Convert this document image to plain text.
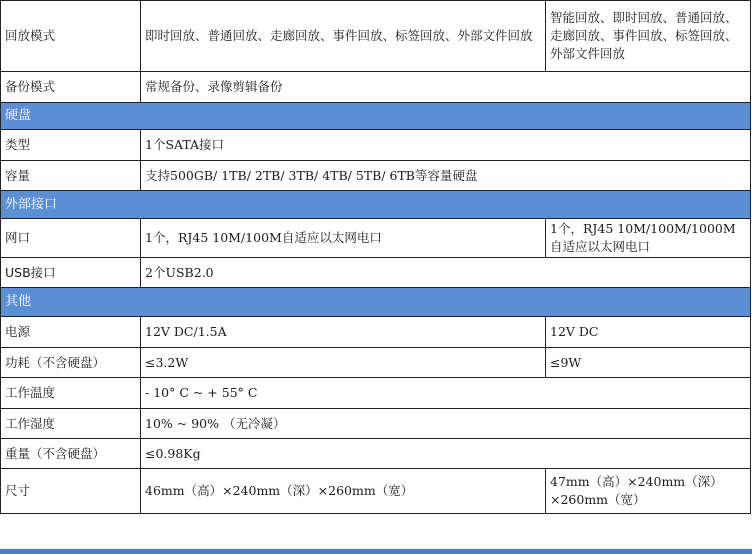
回放模式	即时回放、普通回放、走廊回放、事件回放、标签回放、外部文件回放	智能回放、即时回放、普通回放、走廊回放、事件回放、标签回放、外部文件回放
备份模式	常规备份、录像剪辑备份	
硬盘		
类型	1个SATA接口	
容量	支持500GB/ 1TB/ 2TB/ 3TB/ 4TB/ 5TB/ 6TB等容量硬盘	
外部接口		
网口	1个，RJ45 10M/100M自适应以太网电口	1个，RJ45 10M/100M/1000M自适应以太网电口
USB接口	2个USB2.0	
其他		
电源	12V DC/1.5A	12V DC
功耗（不含硬盘）	≤3.2W	≤9W
工作温度	- 10° C ~ + 55° C	
工作湿度	10% ~ 90% （无冷凝）	
重量（不含硬盘）	≤0.98Kg	
尺寸	46mm（高）×240mm（深）×260mm（宽）	47mm（高）×240mm（深）×260mm（宽）
